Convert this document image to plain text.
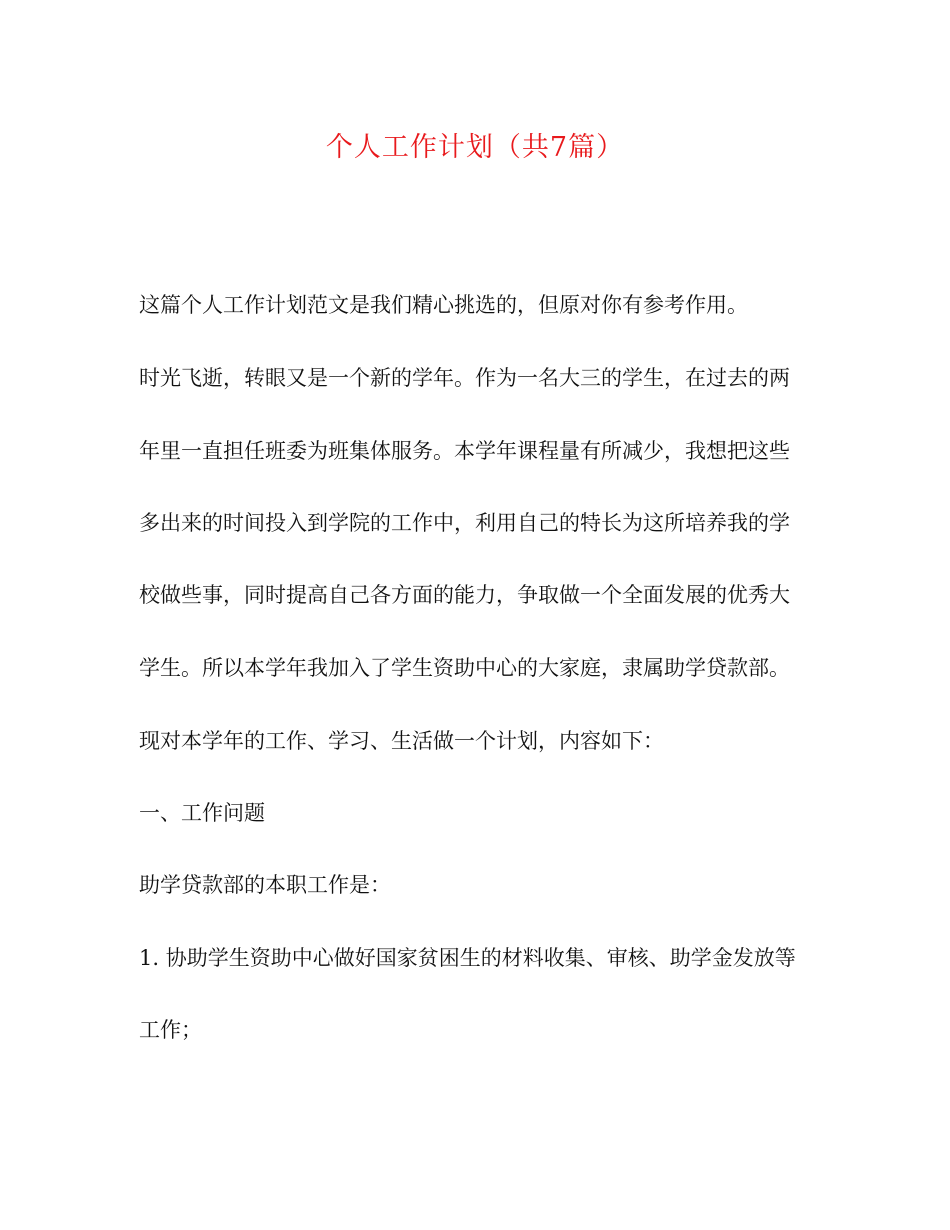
个人工作计划（共7篇）
这篇个人工作计划范文是我们精心挑选的，但原对你有参考作用。
时光飞逝，转眼又是一个新的学年。作为一名大三的学生，在过去的两
年里一直担任班委为班集体服务。本学年课程量有所减少，我想把这些
多出来的时间投入到学院的工作中，利用自己的特长为这所培养我的学
校做些事，同时提高自己各方面的能力，争取做一个全面发展的优秀大
学生。所以本学年我加入了学生资助中心的大家庭，隶属助学贷款部。
现对本学年的工作、学习、生活做一个计划，内容如下：
一、工作问题
助学贷款部的本职工作是：
1. 协助学生资助中心做好国家贫困生的材料收集、审核、助学金发放等
工作；
